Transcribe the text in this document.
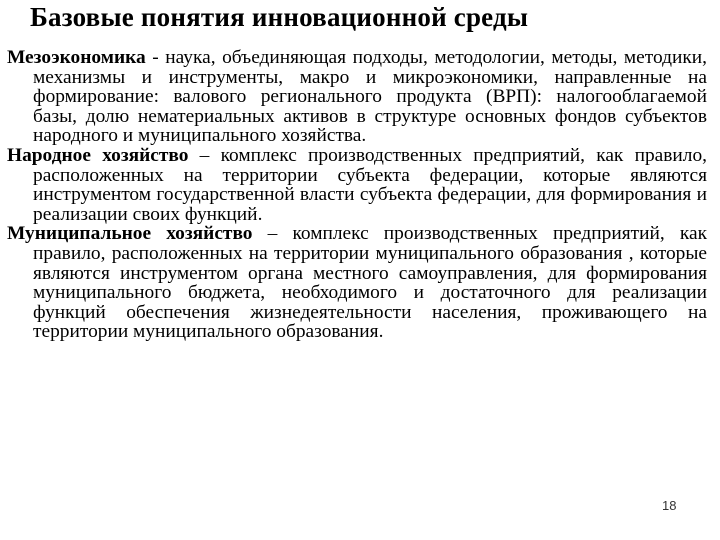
Базовые понятия инновационной среды

Мезоэкономика - наука, объединяющая подходы, методологии, методы, методики, механизмы и инструменты, макро и микроэкономики, направленные на формирование: валового регионального продукта (ВРП): налогооблагаемой базы, долю нематериальных активов в структуре основных фондов субъектов народного и муниципального хозяйства.

Народное хозяйство – комплекс производственных предприятий, как правило, расположенных на территории субъекта федерации, которые являются инструментом государственной власти субъекта федерации, для формирования и реализации своих функций.

Муниципальное хозяйство – комплекс производственных предприятий, как правило, расположенных на территории муниципального образования , которые являются инструментом органа местного самоуправления, для формирования муниципального бюджета, необходимого и достаточного для реализации функций обеспечения жизнедеятельности населения, проживающего на территории муниципального образования.

18
